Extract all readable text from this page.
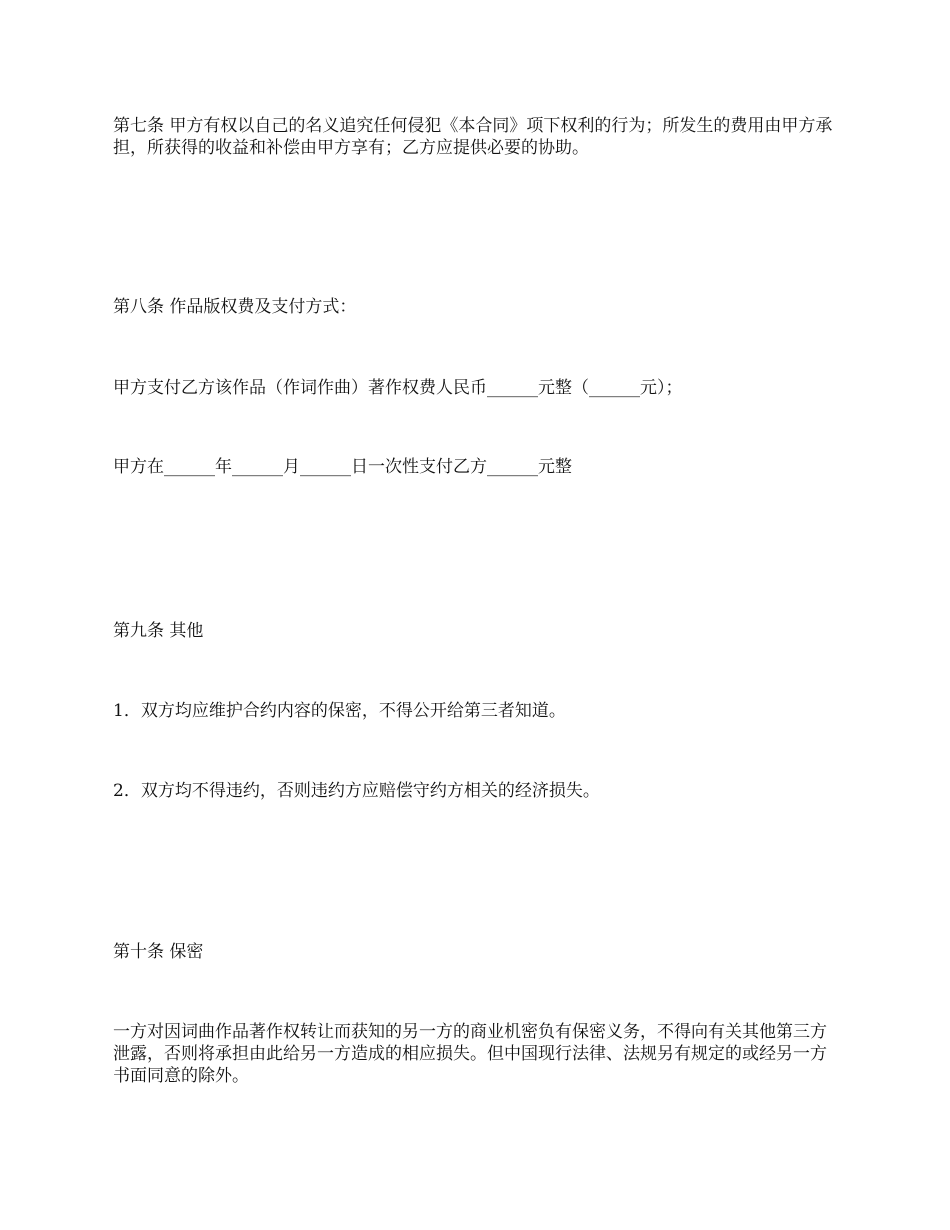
第七条 甲方有权以自己的名义追究任何侵犯《本合同》项下权利的行为；所发生的费用由甲方承担，所获得的收益和补偿由甲方享有；乙方应提供必要的协助。

第八条 作品版权费及支付方式：

甲方支付乙方该作品（作词作曲）著作权费人民币______元整（______元）；

甲方在______年______月______日一次性支付乙方______元整

第九条 其他

1．双方均应维护合约内容的保密，不得公开给第三者知道。

2．双方均不得违约，否则违约方应赔偿守约方相关的经济损失。

第十条 保密

一方对因词曲作品著作权转让而获知的另一方的商业机密负有保密义务，不得向有关其他第三方泄露，否则将承担由此给另一方造成的相应损失。但中国现行法律、法规另有规定的或经另一方书面同意的除外。
